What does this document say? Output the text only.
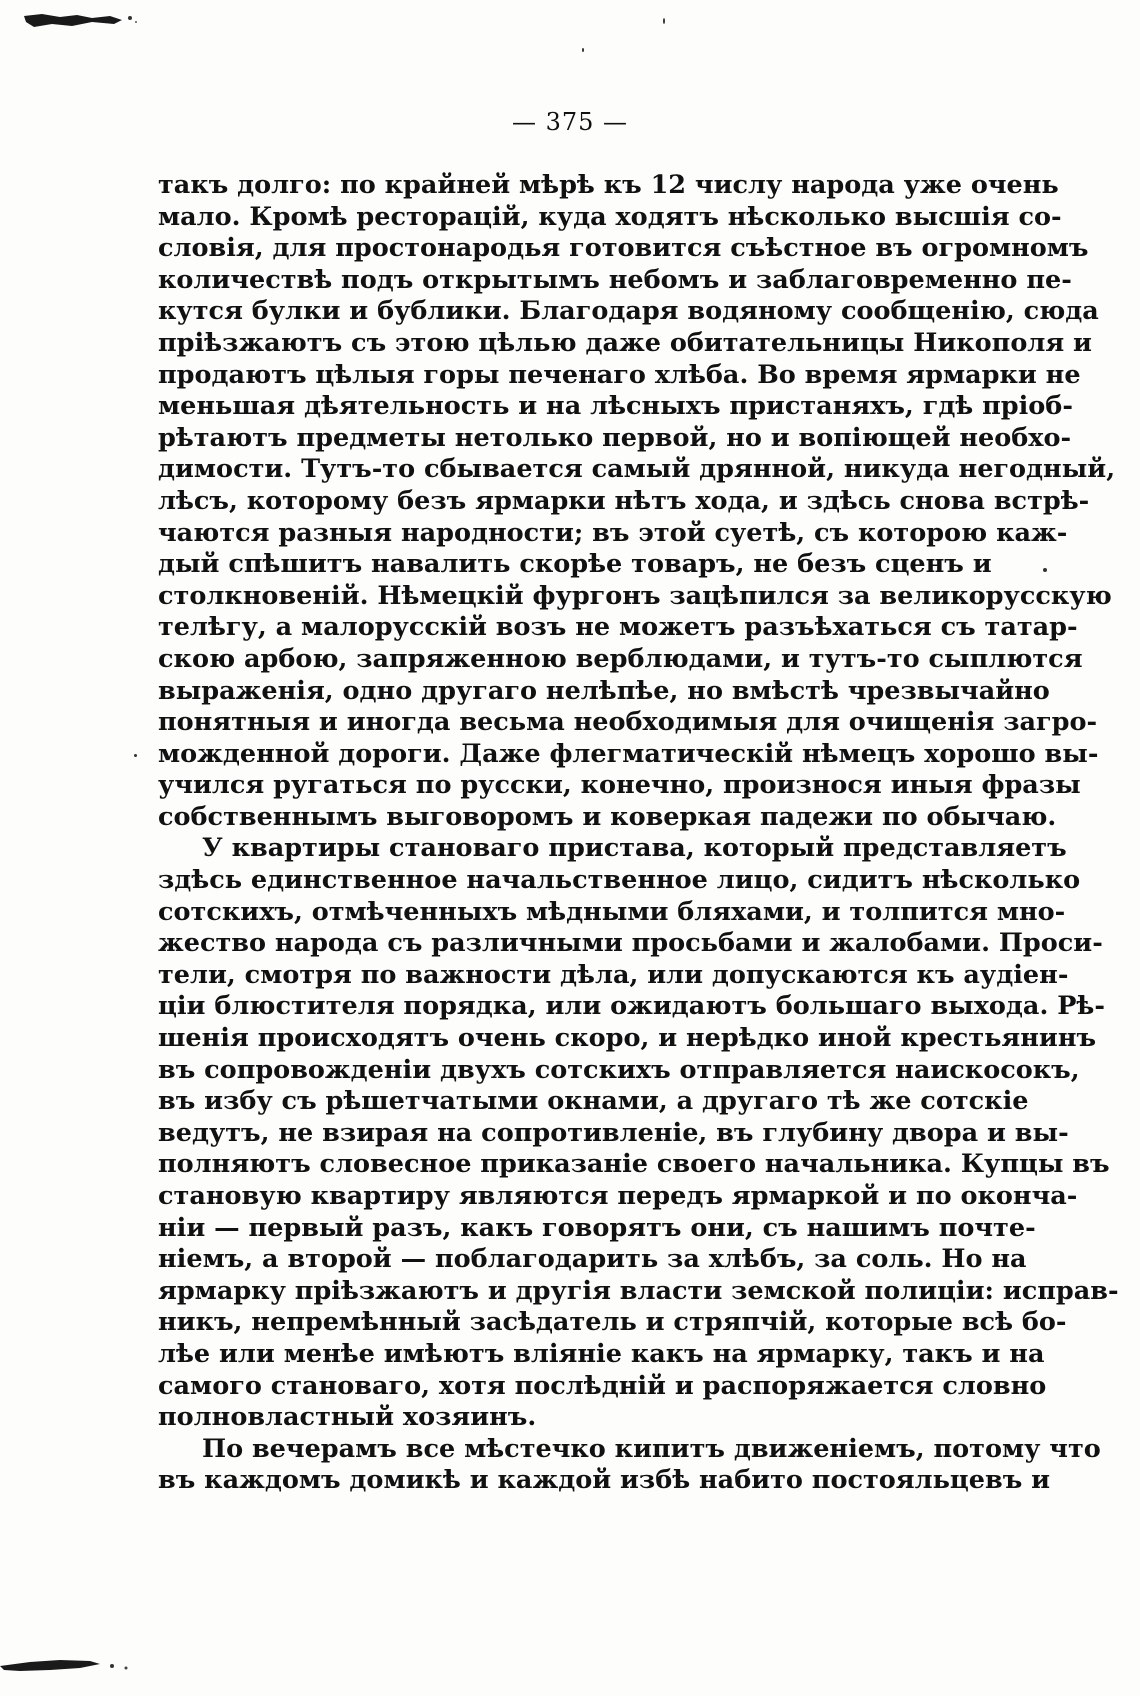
— 375 —
такъ долго: по крайней мѣрѣ къ 12 числу народа уже очень
мало. Кромѣ ресторацій, куда ходятъ нѣсколько высшія со-
словія, для простонародья готовится съѣстное въ огромномъ
количествѣ подъ открытымъ небомъ и заблаговременно пе-
кутся булки и бублики. Благодаря водяному сообщенію, сюда
пріѣзжаютъ съ этою цѣлью даже обитательницы Никополя и
продаютъ цѣлыя горы печенаго хлѣба. Во время ярмарки не
меньшая дѣятельность и на лѣсныхъ пристаняхъ, гдѣ пріоб-
рѣтаютъ предметы нетолько первой, но и вопіющей необхо-
димости. Тутъ-то сбывается самый дрянной, никуда негодный,
лѣсъ, которому безъ ярмарки нѣтъ хода, и здѣсь снова встрѣ-
чаются разныя народности; въ этой суетѣ, съ которою каж-
дый спѣшитъ навалить скорѣе товаръ, не безъ сценъ и
столкновеній. Нѣмецкій фургонъ зацѣпился за великорусскую
телѣгу, а малорусскій возъ не можетъ разъѣхаться съ татар-
скою арбою, запряженною верблюдами, и тутъ-то сыплются
выраженія, одно другаго нелѣпѣе, но вмѣстѣ чрезвычайно
понятныя и иногда весьма необходимыя для очищенія загро-
можденной дороги. Даже флегматическій нѣмецъ хорошо вы-
учился ругаться по русски, конечно, произнося иныя фразы
собственнымъ выговоромъ и коверкая падежи по обычаю.
У квартиры становаго пристава, который представляетъ
здѣсь единственное начальственное лицо, сидитъ нѣсколько
сотскихъ, отмѣченныхъ мѣдными бляхами, и толпится мно-
жество народа съ различными просьбами и жалобами. Проси-
тели, смотря по важности дѣла, или допускаются къ аудіен-
ціи блюстителя порядка, или ожидаютъ большаго выхода. Рѣ-
шенія происходятъ очень скоро, и нерѣдко иной крестьянинъ
въ сопровожденіи двухъ сотскихъ отправляется наискосокъ,
въ избу съ рѣшетчатыми окнами, а другаго тѣ же сотскіе
ведутъ, не взирая на сопротивленіе, въ глубину двора и вы-
полняютъ словесное приказаніе своего начальника. Купцы въ
становую квартиру являются передъ ярмаркой и по оконча-
ніи — первый разъ, какъ говорятъ они, съ нашимъ почте-
ніемъ, а второй — поблагодарить за хлѣбъ, за соль. Но на
ярмарку пріѣзжаютъ и другія власти земской полиціи: исправ-
никъ, непремѣнный засѣдатель и стряпчій, которые всѣ бо-
лѣе или менѣе имѣютъ вліяніе какъ на ярмарку, такъ и на
самого становаго, хотя послѣдній и распоряжается словно
полновластный хозяинъ.
По вечерамъ все мѣстечко кипитъ движеніемъ, потому что
въ каждомъ домикѣ и каждой избѣ набито постояльцевъ и
